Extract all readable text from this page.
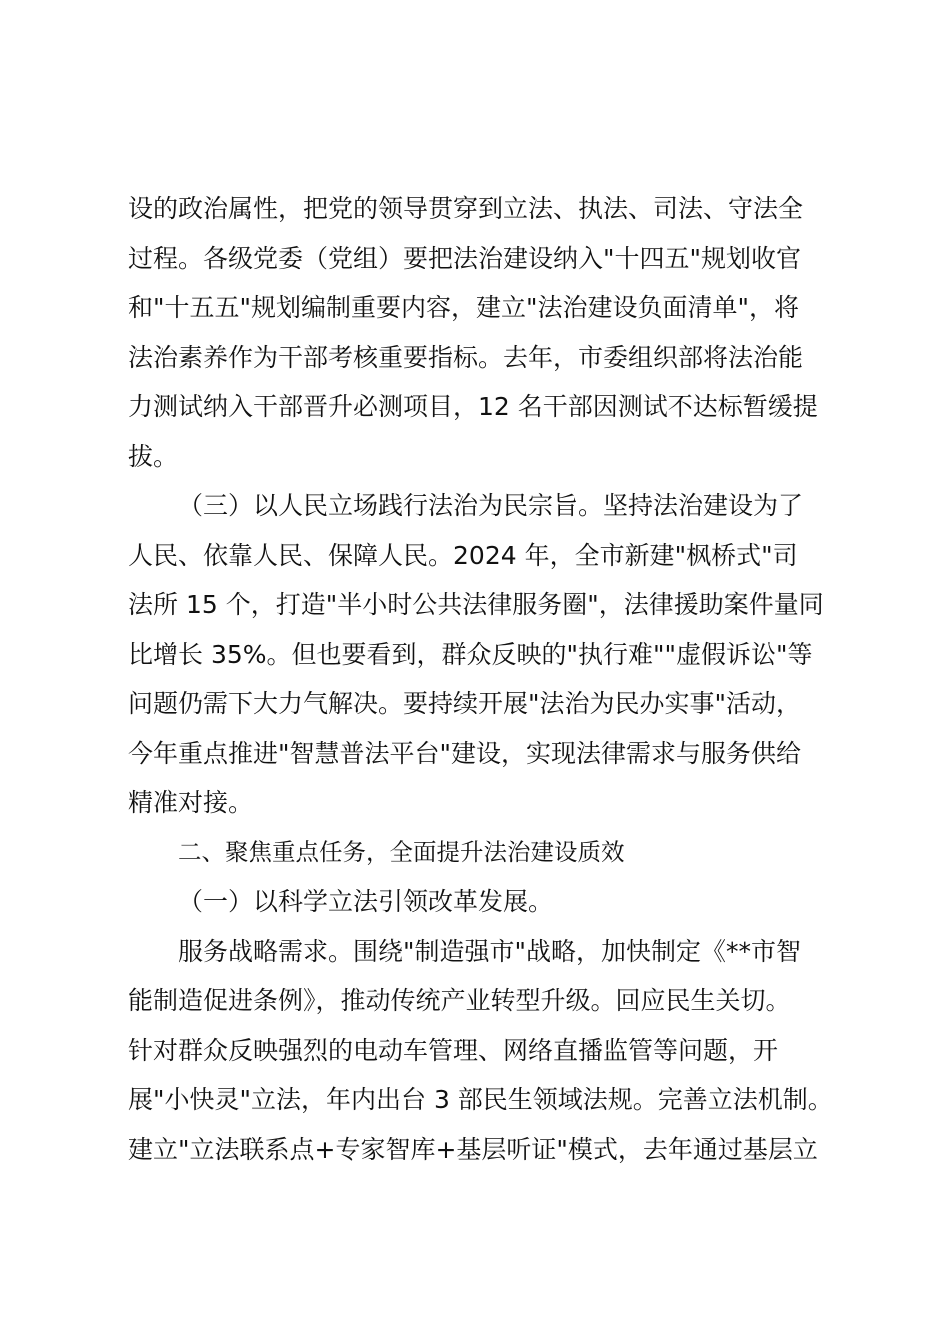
设的政治属性，把党的领导贯穿到立法、执法、司法、守法全
过程。各级党委（党组）要把法治建设纳入"十四五"规划收官
和"十五五"规划编制重要内容，建立"法治建设负面清单"，将
法治素养作为干部考核重要指标。去年，市委组织部将法治能
力测试纳入干部晋升必测项目，12 名干部因测试不达标暂缓提
拔。
（三）以人民立场践行法治为民宗旨。坚持法治建设为了
人民、依靠人民、保障人民。2024 年，全市新建"枫桥式"司
法所 15 个，打造"半小时公共法律服务圈"，法律援助案件量同
比增长 35%。但也要看到，群众反映的"执行难""虚假诉讼"等
问题仍需下大力气解决。要持续开展"法治为民办实事"活动，
今年重点推进"智慧普法平台"建设，实现法律需求与服务供给
精准对接。
二、聚焦重点任务，全面提升法治建设质效
（一）以科学立法引领改革发展。
服务战略需求。围绕"制造强市"战略，加快制定《**市智
能制造促进条例》，推动传统产业转型升级。回应民生关切。
针对群众反映强烈的电动车管理、网络直播监管等问题，开
展"小快灵"立法，年内出台 3 部民生领域法规。完善立法机制。
建立"立法联系点+专家智库+基层听证"模式，去年通过基层立
